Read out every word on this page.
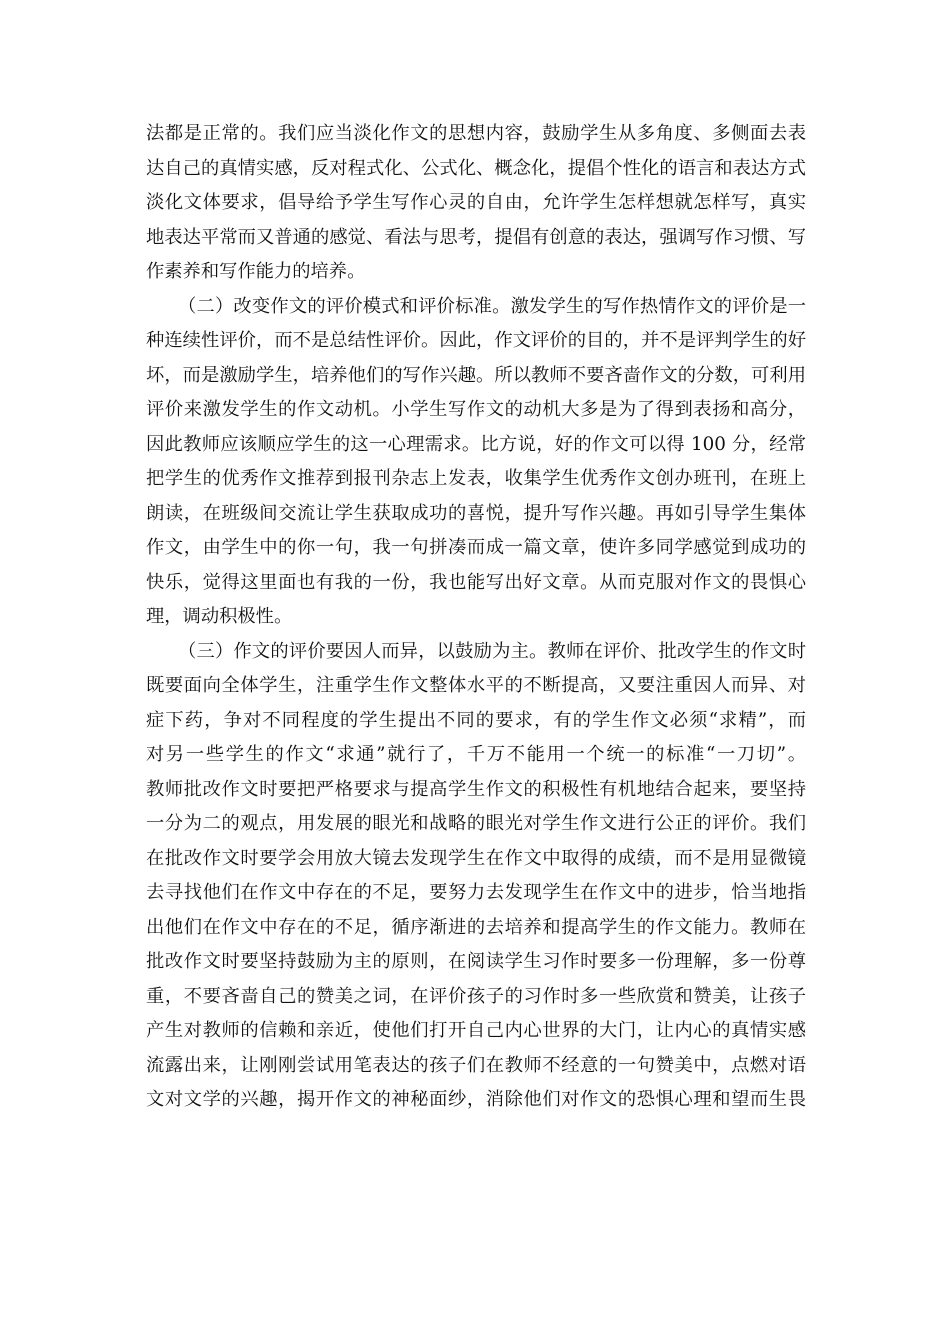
法都是正常的。我们应当淡化作文的思想内容，鼓励学生从多角度、多侧面去表
达自己的真情实感，反对程式化、公式化、概念化，提倡个性化的语言和表达方式
淡化文体要求，倡导给予学生写作心灵的自由，允许学生怎样想就怎样写，真实
地表达平常而又普通的感觉、看法与思考，提倡有创意的表达，强调写作习惯、写
作素养和写作能力的培养。
（二）改变作文的评价模式和评价标准。激发学生的写作热情作文的评价是一
种连续性评价，而不是总结性评价。因此，作文评价的目的，并不是评判学生的好
坏，而是激励学生，培养他们的写作兴趣。所以教师不要吝啬作文的分数，可利用
评价来激发学生的作文动机。小学生写作文的动机大多是为了得到表扬和高分，
因此教师应该顺应学生的这一心理需求。比方说，好的作文可以得 100 分，经常
把学生的优秀作文推荐到报刊杂志上发表，收集学生优秀作文创办班刊，在班上
朗读，在班级间交流让学生获取成功的喜悦，提升写作兴趣。再如引导学生集体
作文，由学生中的你一句，我一句拼凑而成一篇文章，使许多同学感觉到成功的
快乐，觉得这里面也有我的一份，我也能写出好文章。从而克服对作文的畏惧心
理，调动积极性。
（三）作文的评价要因人而异，以鼓励为主。教师在评价、批改学生的作文时
既要面向全体学生，注重学生作文整体水平的不断提高，又要注重因人而异、对
症下药，争对不同程度的学生提出不同的要求，有的学生作文必须“求精”，而
对另一些学生的作文“求通”就行了，千万不能用一个统一的标准“一刀切”。
教师批改作文时要把严格要求与提高学生作文的积极性有机地结合起来，要坚持
一分为二的观点，用发展的眼光和战略的眼光对学生作文进行公正的评价。我们
在批改作文时要学会用放大镜去发现学生在作文中取得的成绩，而不是用显微镜
去寻找他们在作文中存在的不足，要努力去发现学生在作文中的进步，恰当地指
出他们在作文中存在的不足，循序渐进的去培养和提高学生的作文能力。教师在
批改作文时要坚持鼓励为主的原则，在阅读学生习作时要多一份理解，多一份尊
重，不要吝啬自己的赞美之词，在评价孩子的习作时多一些欣赏和赞美，让孩子
产生对教师的信赖和亲近，使他们打开自己内心世界的大门，让内心的真情实感
流露出来，让刚刚尝试用笔表达的孩子们在教师不经意的一句赞美中，点燃对语
文对文学的兴趣，揭开作文的神秘面纱，消除他们对作文的恐惧心理和望而生畏
